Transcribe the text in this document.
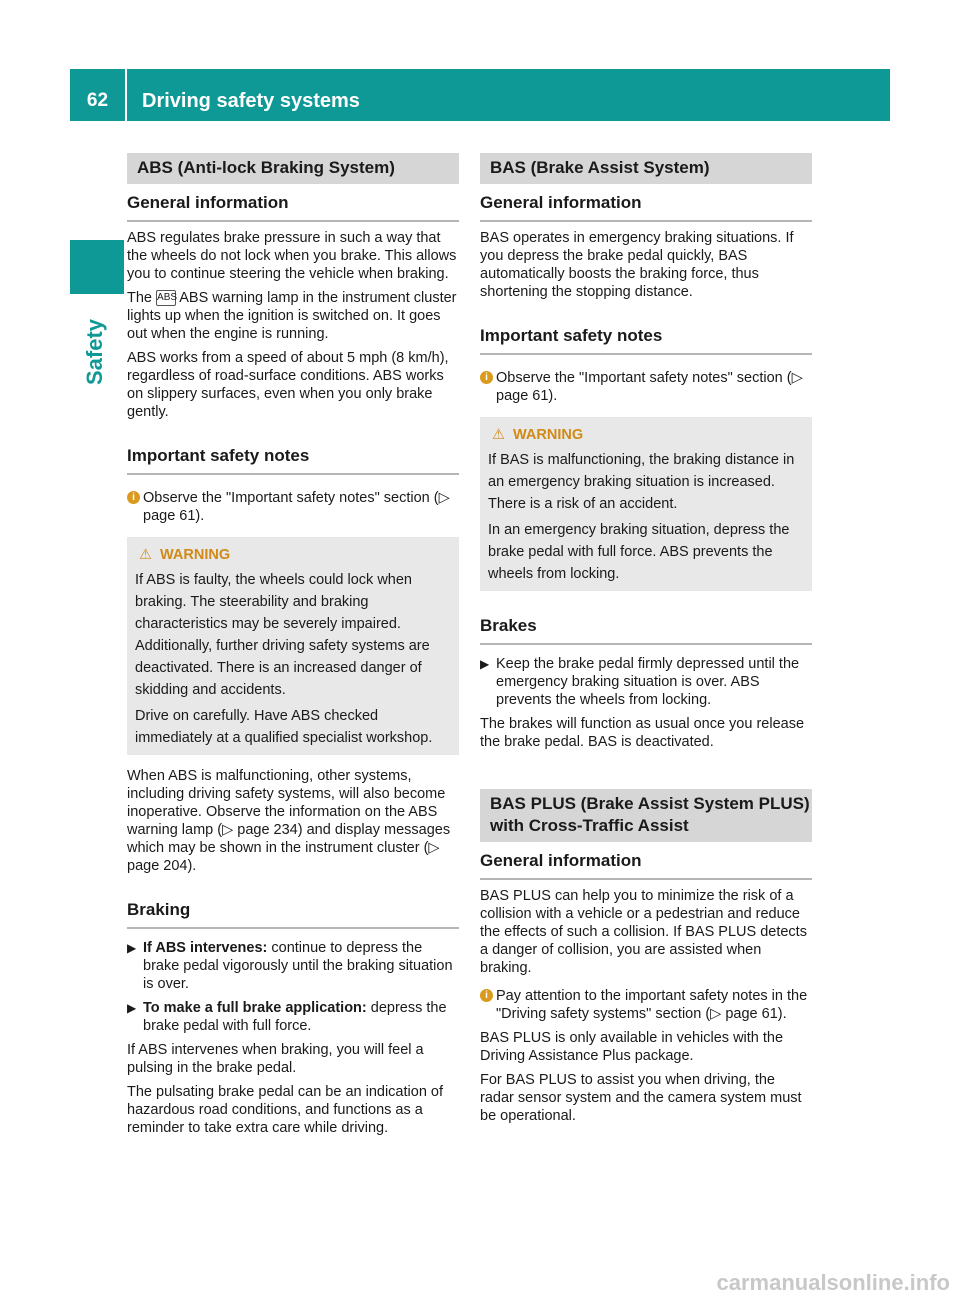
62	Driving safety systems
Safety
ABS (Anti-lock Braking System)
General information

ABS regulates brake pressure in such a way that the wheels do not lock when you brake. This allows you to continue steering the vehicle when braking.

The ABS ABS warning lamp in the instrument cluster lights up when the ignition is switched on. It goes out when the engine is running.

ABS works from a speed of about 5 mph (8 km/h), regardless of road-surface conditions. ABS works on slippery surfaces, even when you only brake gently.

Important safety notes
i Observe the "Important safety notes" section (▷ page 61).
⚠ WARNING

If ABS is faulty, the wheels could lock when braking. The steerability and braking characteristics may be severely impaired. Additionally, further driving safety systems are deactivated. There is an increased danger of skidding and accidents.

Drive on carefully. Have ABS checked immediately at a qualified specialist workshop.

When ABS is malfunctioning, other systems, including driving safety systems, will also become inoperative. Observe the information on the ABS warning lamp (▷ page 234) and display messages which may be shown in the instrument cluster (▷ page 204).

Braking
▶ If ABS intervenes: continue to depress the brake pedal vigorously until the braking situation is over.
▶ To make a full brake application: depress the brake pedal with full force.

If ABS intervenes when braking, you will feel a pulsing in the brake pedal.

The pulsating brake pedal can be an indication of hazardous road conditions, and functions as a reminder to take extra care while driving.

BAS (Brake Assist System)
General information

BAS operates in emergency braking situations. If you depress the brake pedal quickly, BAS automatically boosts the braking force, thus shortening the stopping distance.

Important safety notes
i Observe the "Important safety notes" section (▷ page 61).
⚠ WARNING

If BAS is malfunctioning, the braking distance in an emergency braking situation is increased. There is a risk of an accident.

In an emergency braking situation, depress the brake pedal with full force. ABS prevents the wheels from locking.

Brakes
▶ Keep the brake pedal firmly depressed until the emergency braking situation is over. ABS prevents the wheels from locking.

The brakes will function as usual once you release the brake pedal. BAS is deactivated.

BAS PLUS (Brake Assist System PLUS) with Cross-Traffic Assist
General information

BAS PLUS can help you to minimize the risk of a collision with a vehicle or a pedestrian and reduce the effects of such a collision. If BAS PLUS detects a danger of collision, you are assisted when braking.

i Pay attention to the important safety notes in the "Driving safety systems" section (▷ page 61).

BAS PLUS is only available in vehicles with the Driving Assistance Plus package.

For BAS PLUS to assist you when driving, the radar sensor system and the camera system must be operational.

carmanualsonline.info
